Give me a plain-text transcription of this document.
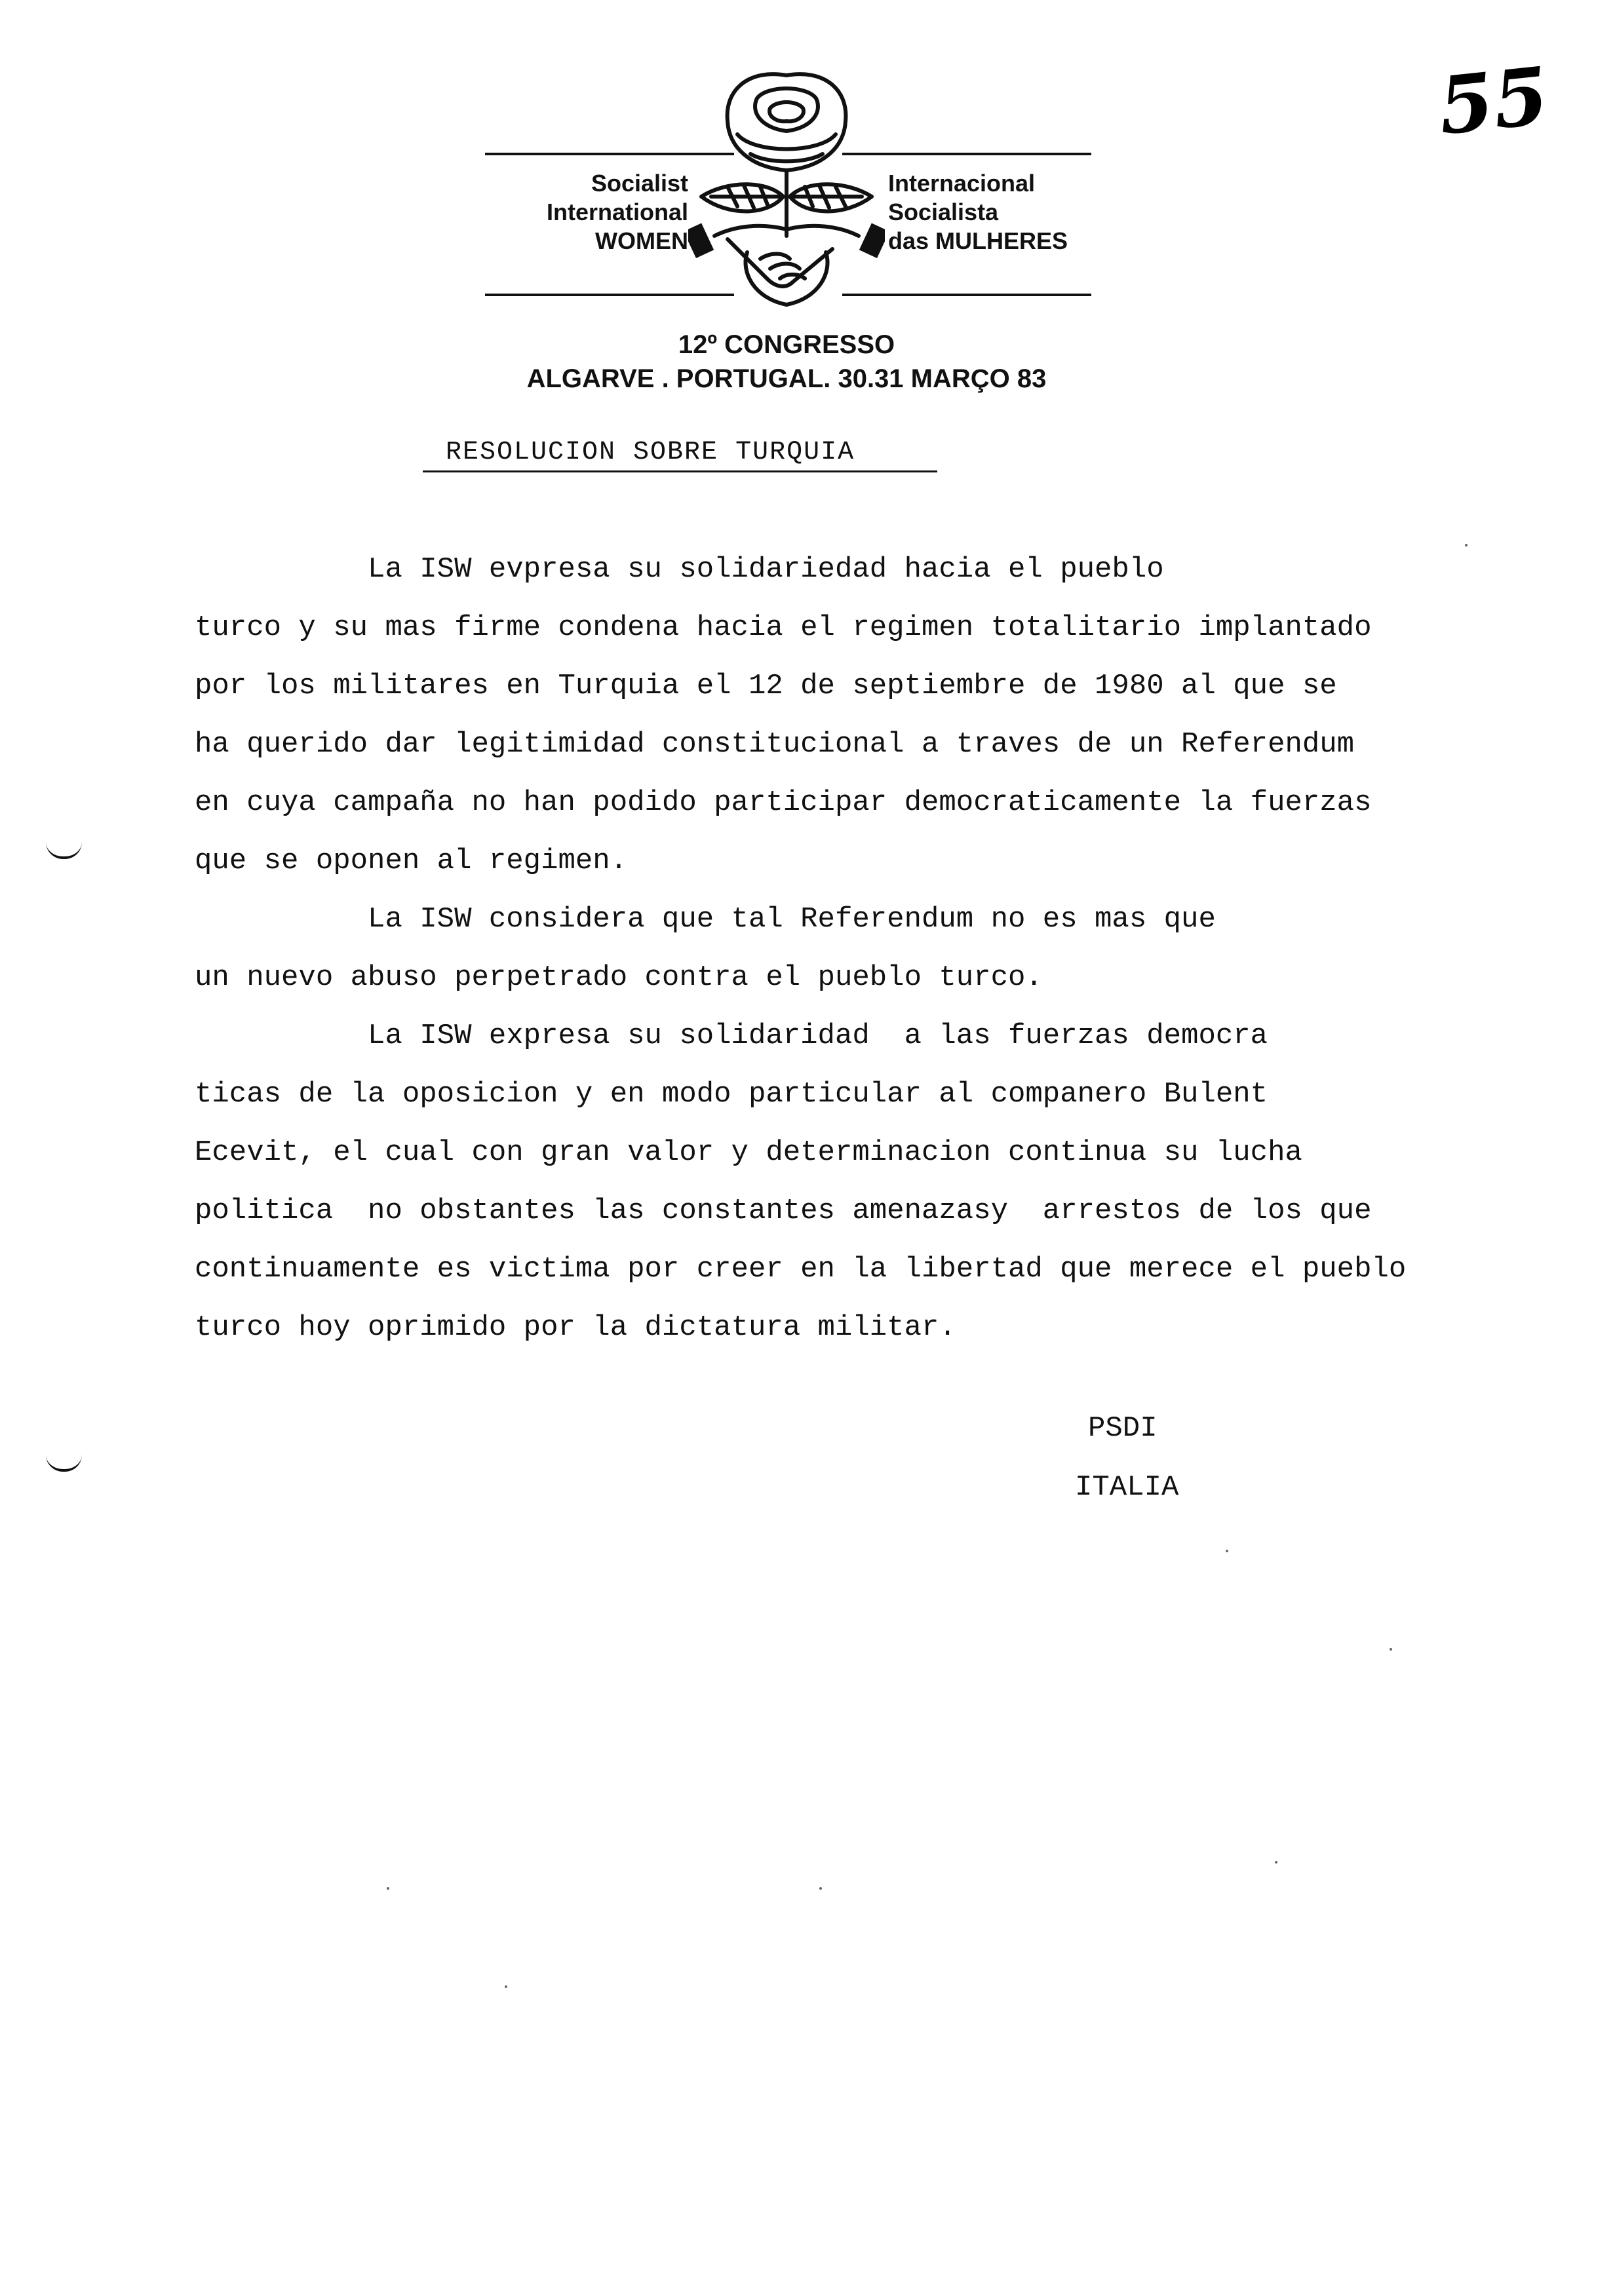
55
Socialist
International
WOMEN
Internacional
Socialista
das MULHERES
12º CONGRESSO
ALGARVE . PORTUGAL. 30.31 MARÇO 83
RESOLUCION SOBRE TURQUIA
La ISW evpresa su solidariedad hacia el pueblo
turco y su mas firme condena hacia el regimen totalitario implantado
por los militares en Turquia el 12 de septiembre de 1980 al que se
ha querido dar legitimidad constitucional a traves de un Referendum
en cuya campaña no han podido participar democraticamente la fuerzas
que se oponen al regimen.
La ISW considera que tal Referendum no es mas que
un nuevo abuso perpetrado contra el pueblo turco.
La ISW expresa su solidaridad  a las fuerzas democra
ticas de la oposicion y en modo particular al companero Bulent
Ecevit, el cual con gran valor y determinacion continua su lucha
politica  no obstantes las constantes amenazasy  arrestos de los que
continuamente es victima por creer en la libertad que merece el pueblo
turco hoy oprimido por la dictatura militar.
PSDI
ITALIA
